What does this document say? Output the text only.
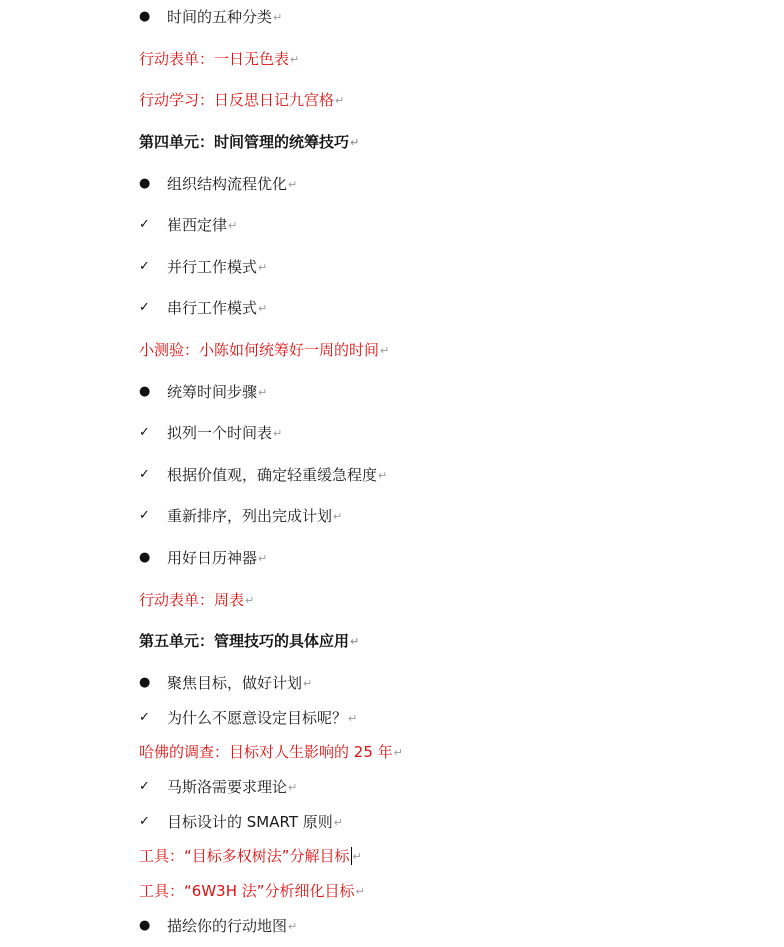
●	时间的五种分类 ↵
行动表单：一日无色表 ↵
行动学习：日反思日记九宫格 ↵
第四单元：时间管理的统筹技巧 ↵
●	组织结构流程优化 ↵
✓	崔西定律 ↵
✓	并行工作模式 ↵
✓	串行工作模式 ↵
小测验：小陈如何统筹好一周的时间 ↵
●	统筹时间步骤 ↵
✓	拟列一个时间表 ↵
✓	根据价值观，确定轻重缓急程度 ↵
✓	重新排序，列出完成计划 ↵
●	用好日历神器 ↵
行动表单：周表 ↵
第五单元：管理技巧的具体应用 ↵
●	聚焦目标，做好计划 ↵
✓	为什么不愿意设定目标呢？ ↵
哈佛的调查：目标对人生影响的 25 年 ↵
✓	马斯洛需要求理论 ↵
✓	目标设计的 SMART 原则 ↵
工具：“目标多权树法”分解目标 ↵
工具：“6W3H 法”分析细化目标 ↵
●	描绘你的行动地图 ↵
